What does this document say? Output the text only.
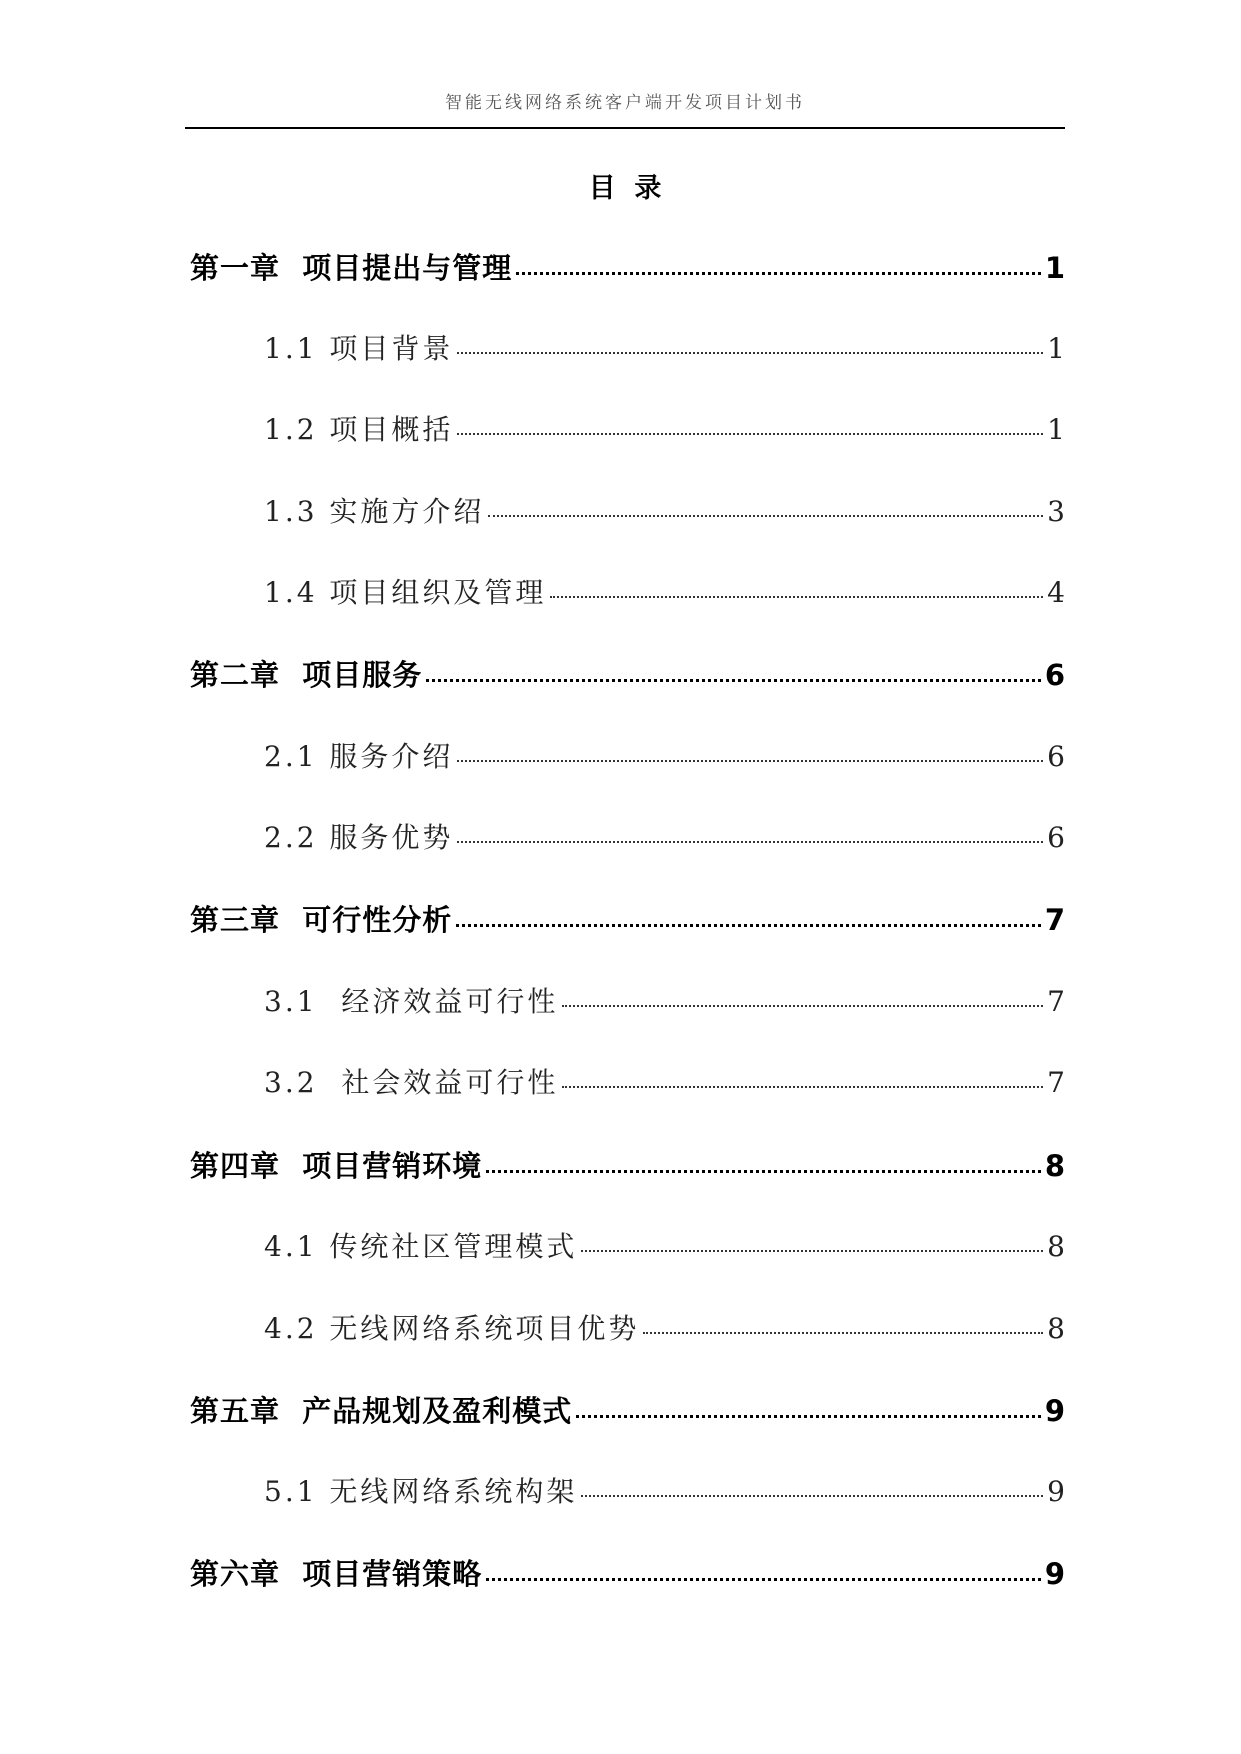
智能无线网络系统客户端开发项目计划书
目  录
第一章  项目提出与管理	1
1.1 项目背景	1
1.2 项目概括	1
1.3 实施方介绍	3
1.4 项目组织及管理	4
第二章  项目服务	6
2.1 服务介绍	6
2.2 服务优势	6
第三章  可行性分析	7
3.1  经济效益可行性	7
3.2  社会效益可行性	7
第四章  项目营销环境	8
4.1 传统社区管理模式	8
4.2 无线网络系统项目优势	8
第五章  产品规划及盈利模式	9
5.1 无线网络系统构架	9
第六章  项目营销策略	9
